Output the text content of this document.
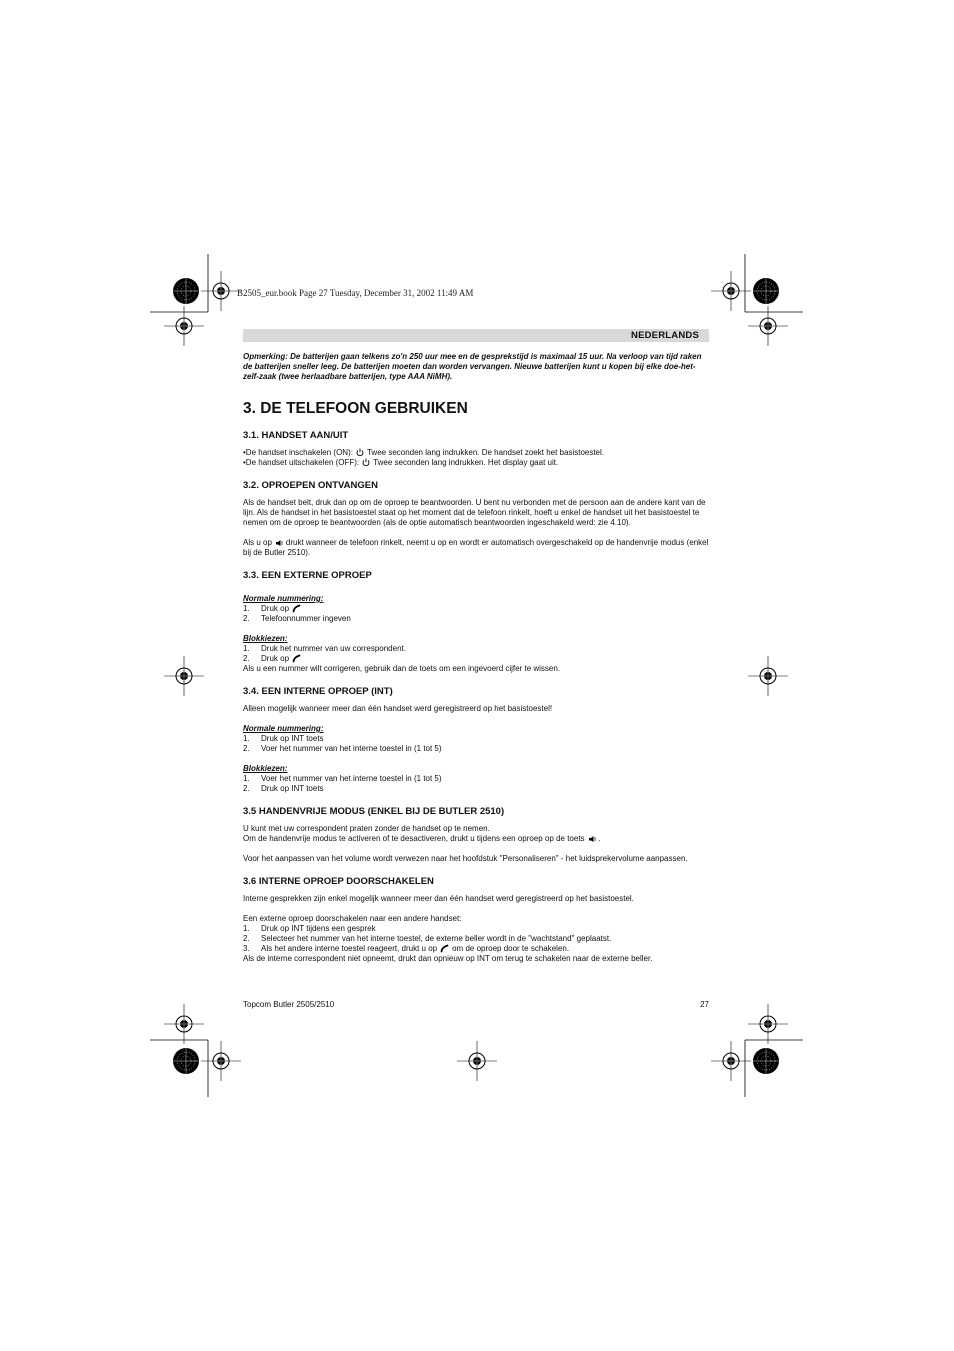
B2505_eur.book Page 27 Tuesday, December 31, 2002 11:49 AM
NEDERLANDS
Opmerking: De batterijen gaan telkens zo'n 250 uur mee en de gesprekstijd is maximaal 15 uur. Na verloop van tijd raken de batterijen sneller leeg. De batterijen moeten dan worden vervangen. Nieuwe batterijen kunt u kopen bij elke doe-het-zelf-zaak (twee herlaadbare batterijen, type AAA NiMH).
3. DE TELEFOON GEBRUIKEN
3.1. HANDSET AAN/UIT
•De handset inschakelen (ON): Twee seconden lang indrukken. De handset zoekt het basistoestel.
•De handset uitschakelen (OFF): Twee seconden lang indrukken. Het display gaat uit.
3.2. OPROEPEN ONTVANGEN
Als de handset belt, druk dan op om de oproep te beantwoorden. U bent nu verbonden met de persoon aan de andere kant van de lijn. Als de handset in het basistoestel staat op het moment dat de telefoon rinkelt, hoeft u enkel de handset uit het basistoestel te nemen om de oproep te beantwoorden (als de optie automatisch beantwoorden ingeschakeld werd: zie 4.10).
Als u op drukt wanneer de telefoon rinkelt, neemt u op en wordt er automatisch overgeschakeld op de handenvrije modus (enkel bij de Butler 2510).
3.3. EEN EXTERNE OPROEP
Normale nummering:
1.	Druk op
2.	Telefoonnummer ingeven
Blokkiezen:
1.	Druk het nummer van uw correspondent.
2.	Druk op
Als u een nummer wilt corrigeren, gebruik dan de toets om een ingevoerd cijfer te wissen.
3.4. EEN INTERNE OPROEP (INT)
Alleen mogelijk wanneer meer dan één handset werd geregistreerd op het basistoestel!
Normale nummering:
1.	Druk op INT toets
2.	Voer het nummer van het interne toestel in (1 tot 5)
Blokkiezen:
1.	Voer het nummer van het interne toestel in (1 tot 5)
2.	Druk op INT toets
3.5 HANDENVRIJE MODUS (ENKEL BIJ DE BUTLER 2510)
U kunt met uw correspondent praten zonder de handset op te nemen.
Om de handenvrije modus te activeren of te desactiveren, drukt u tijdens een oproep op de toets .
Voor het aanpassen van het volume wordt verwezen naar het hoofdstuk "Personaliseren" - het luidsprekervolume aanpassen.
3.6 INTERNE OPROEP DOORSCHAKELEN
Interne gesprekken zijn enkel mogelijk wanneer meer dan één handset werd geregistreerd op het basistoestel.
Een externe oproep doorschakelen naar een andere handset:
1.	Druk op INT tijdens een gesprek
2.	Selecteer het nummer van het interne toestel, de externe beller wordt in de "wachtstand" geplaatst.
3.	Als het andere interne toestel reageert, drukt u op om de oproep door te schakelen.
Als de interne correspondent niet opneemt, drukt dan opnieuw op INT om terug te schakelen naar de externe beller.
Topcom Butler 2505/2510	27
